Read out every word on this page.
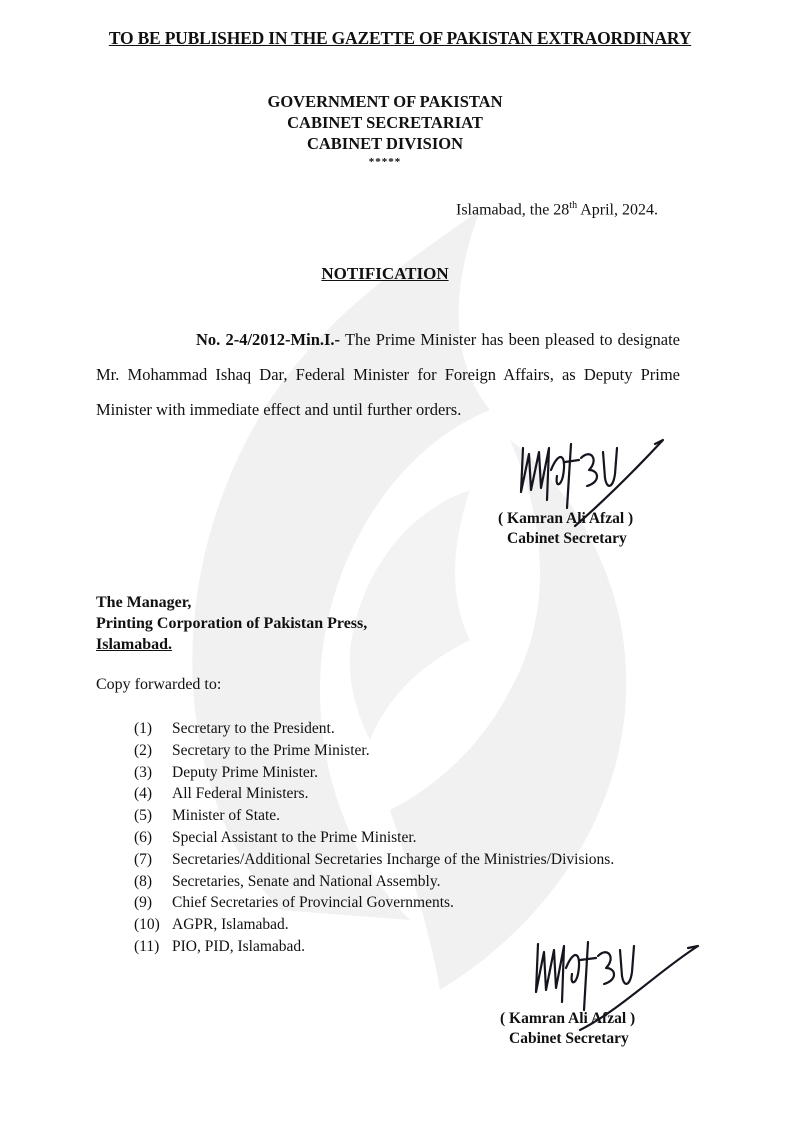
TO BE PUBLISHED IN THE GAZETTE OF PAKISTAN EXTRAORDINARY
GOVERNMENT OF PAKISTAN
CABINET SECRETARIAT
CABINET DIVISION
*****
Islamabad, the 28th April, 2024.
NOTIFICATION
No. 2-4/2012-Min.I.- The Prime Minister has been pleased to designate Mr. Mohammad Ishaq Dar, Federal Minister for Foreign Affairs, as Deputy Prime Minister with immediate effect and until further orders.
( Kamran Ali Afzal )
Cabinet Secretary
The Manager,
Printing Corporation of Pakistan Press,
Islamabad.
Copy forwarded to:
(1)	Secretary to the President.
(2)	Secretary to the Prime Minister.
(3)	Deputy Prime Minister.
(4)	All Federal Ministers.
(5)	Minister of State.
(6)	Special Assistant to the Prime Minister.
(7)	Secretaries/Additional Secretaries Incharge of the Ministries/Divisions.
(8)	Secretaries, Senate and National Assembly.
(9)	Chief Secretaries of Provincial Governments.
(10) AGPR, Islamabad.
(11) PIO, PID, Islamabad.
( Kamran Ali Afzal )
Cabinet Secretary
